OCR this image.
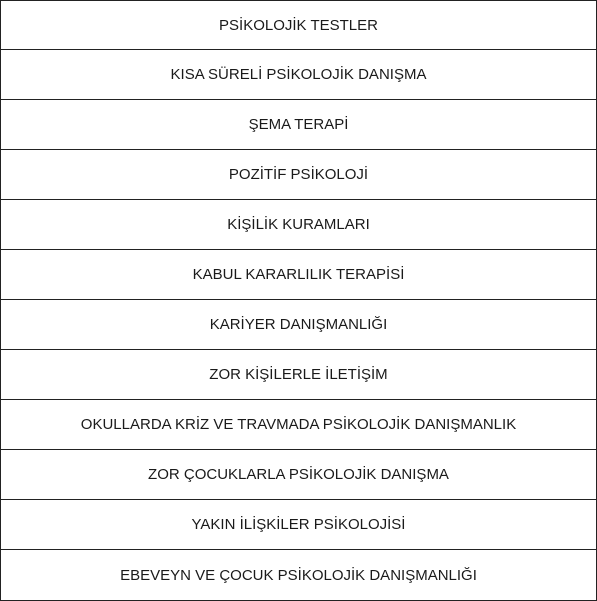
PSİKOLOJİK TESTLER
KISA SÜRELİ PSİKOLOJİK DANIŞMA
ŞEMA TERAPİ
POZİTİF PSİKOLOJİ
KİŞİLİK KURAMLARI
KABUL KARARLILIK TERAPİSİ
KARİYER DANIŞMANLIĞI
ZOR KİŞİLERLE İLETİŞİM
OKULLARDA KRİZ VE TRAVMADA PSİKOLOJİK DANIŞMANLIK
ZOR ÇOCUKLARLA PSİKOLOJİK DANIŞMA
YAKIN İLİŞKİLER PSİKOLOJİSİ
EBEVEYN VE ÇOCUK PSİKOLOJİK DANIŞMANLIĞI
